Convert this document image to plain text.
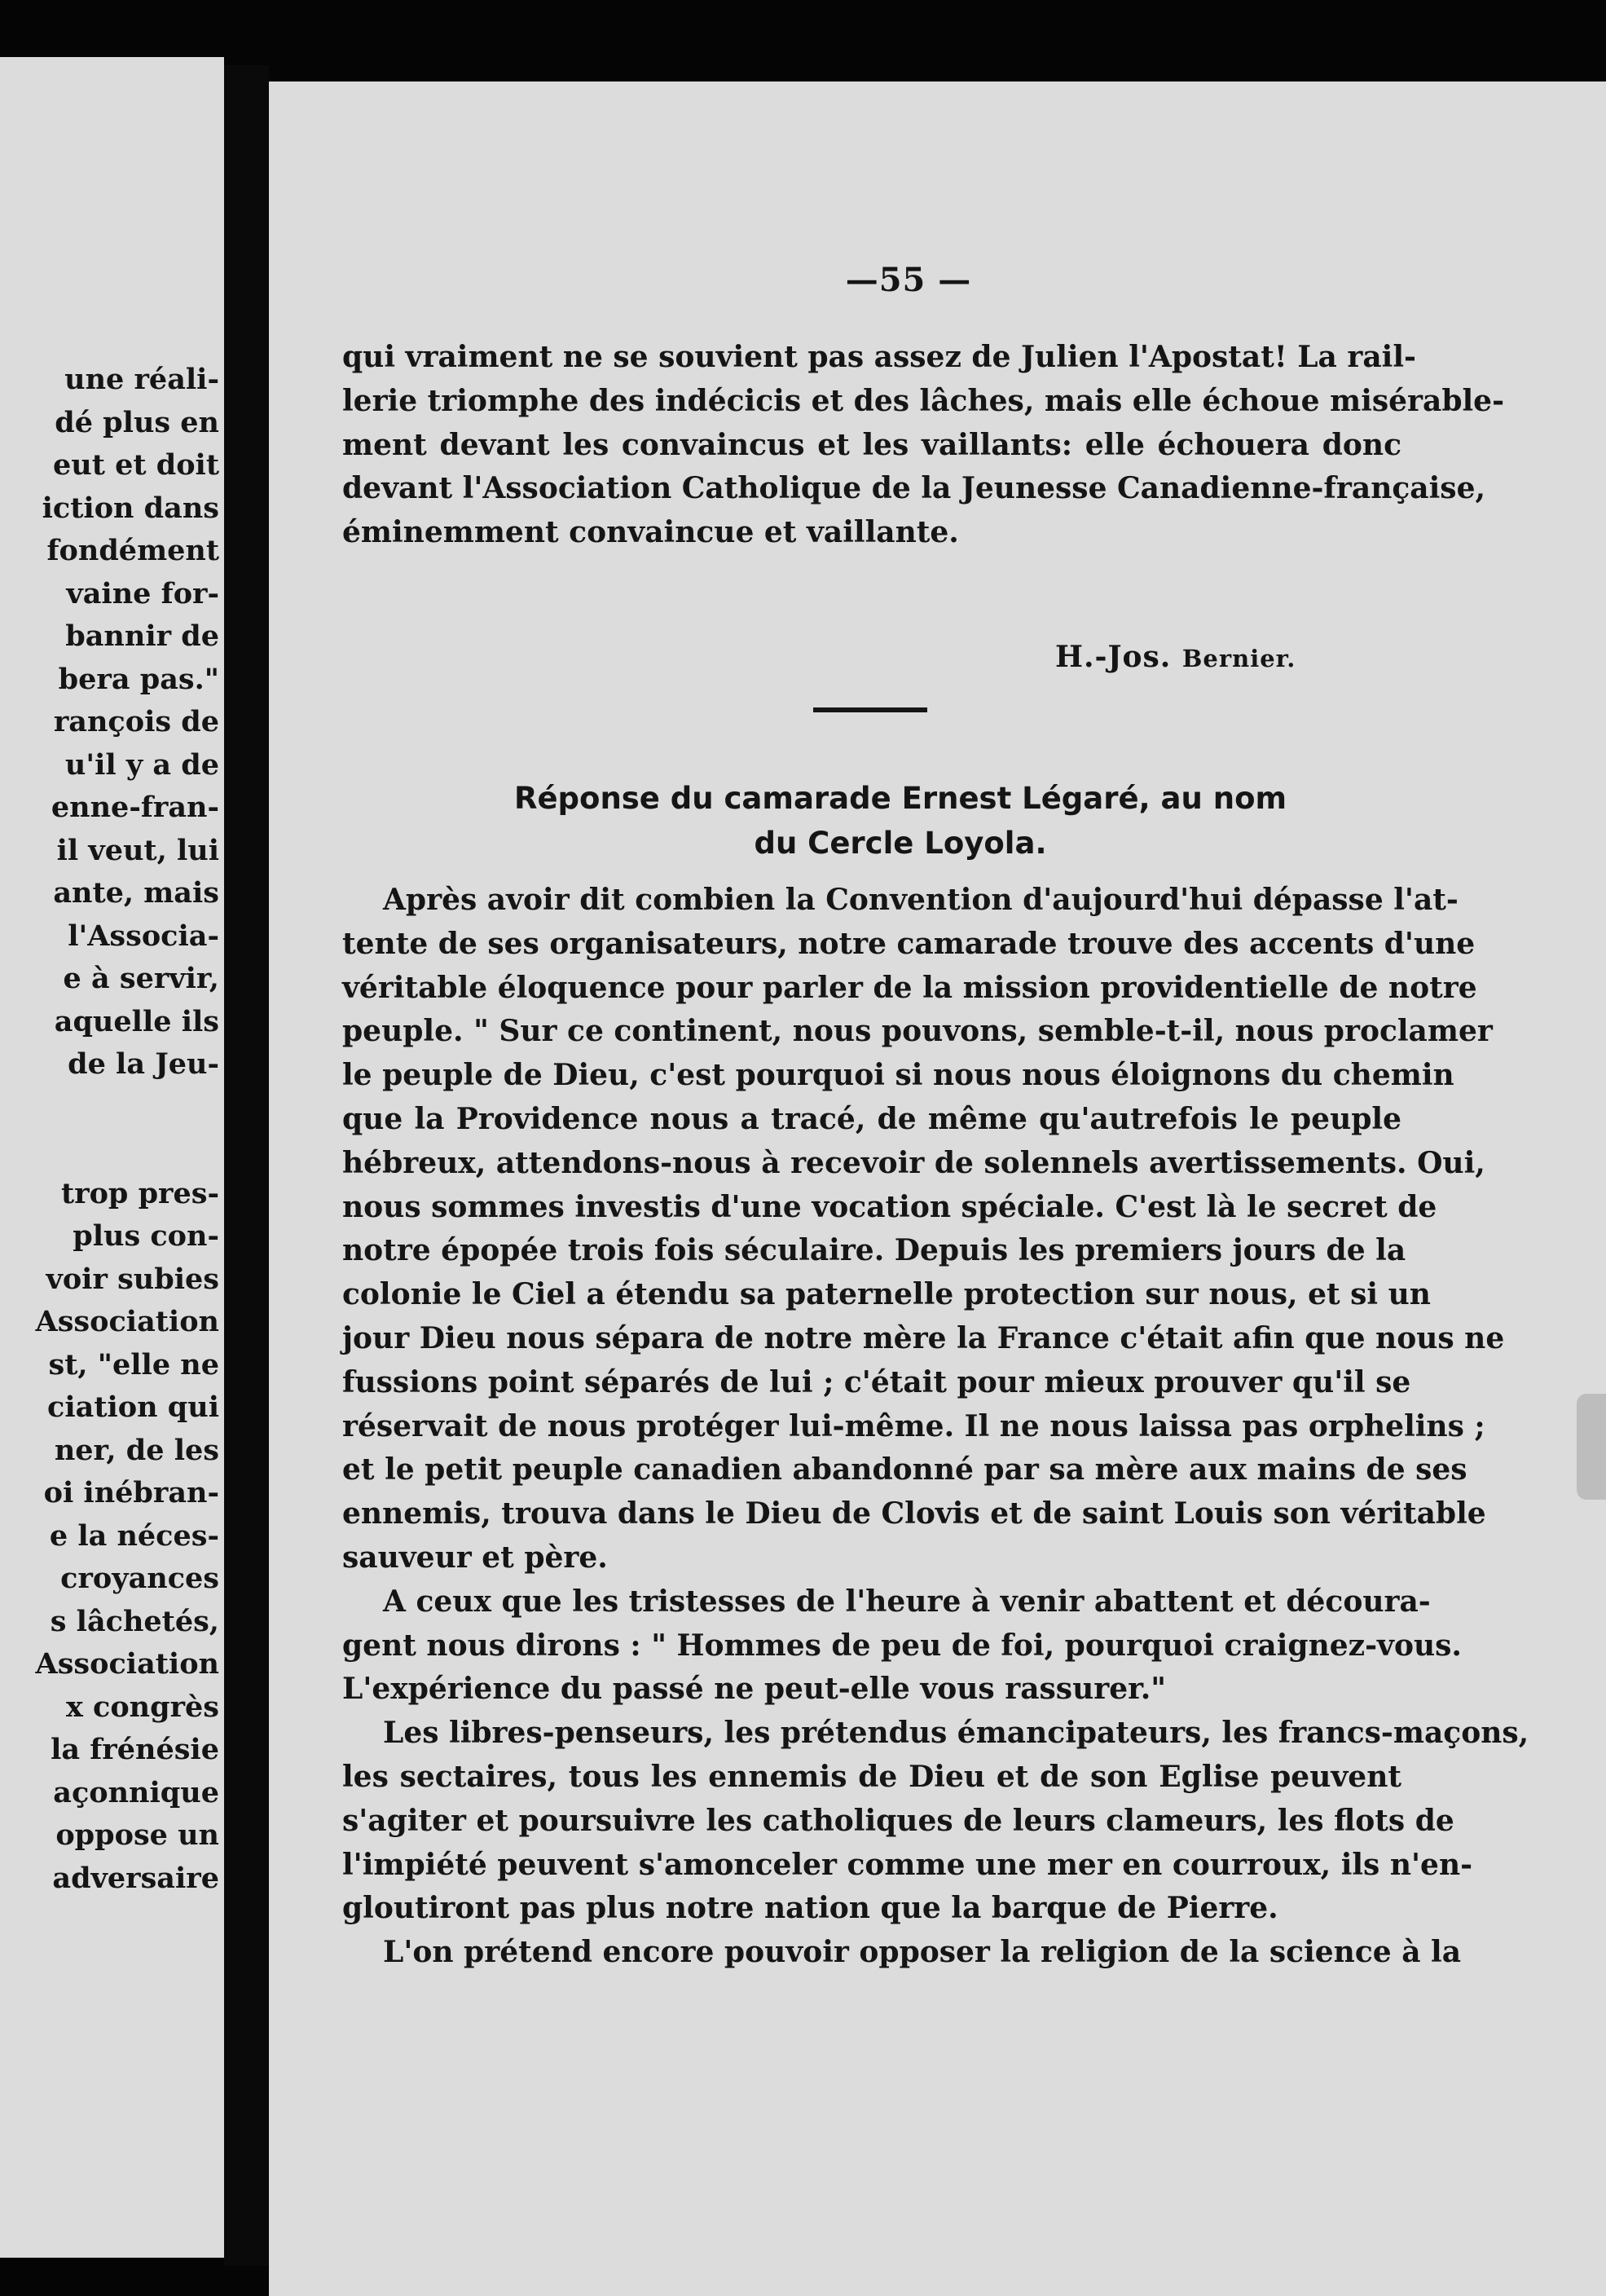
une réali-
dé plus en
eut et doit
iction dans
fondément
vaine for-
bannir de
bera pas."
rançois de
u'il y a de
enne-fran-
il veut, lui
ante, mais
l'Associa-
e à servir,
aquelle ils
de la Jeu-
trop pres-
plus con-
voir subies
Association
st, "elle ne
ciation qui
ner, de les
oi inébran-
e la néces-
croyances
s lâchetés,
Association
x congrès
la frénésie
açonnique
oppose un
adversaire
—55 —
qui vraiment ne se souvient pas assez de Julien l'Apostat! La rail-
lerie triomphe des indécicis et des lâches, mais elle échoue misérable-
ment devant les convaincus et les vaillants: elle échouera donc
devant l'Association Catholique de la Jeunesse Canadienne-française,
éminemment convaincue et vaillante.
H.-Jos. Bernier.
Réponse du camarade Ernest Légaré, au nom
du Cercle Loyola.
Après avoir dit combien la Convention d'aujourd'hui dépasse l'at-
tente de ses organisateurs, notre camarade trouve des accents d'une
véritable éloquence pour parler de la mission providentielle de notre
peuple. " Sur ce continent, nous pouvons, semble-t-il, nous proclamer
le peuple de Dieu, c'est pourquoi si nous nous éloignons du chemin
que la Providence nous a tracé, de même qu'autrefois le peuple
hébreux, attendons-nous à recevoir de solennels avertissements. Oui,
nous sommes investis d'une vocation spéciale. C'est là le secret de
notre épopée trois fois séculaire. Depuis les premiers jours de la
colonie le Ciel a étendu sa paternelle protection sur nous, et si un
jour Dieu nous sépara de notre mère la France c'était afin que nous ne
fussions point séparés de lui ; c'était pour mieux prouver qu'il se
réservait de nous protéger lui-même. Il ne nous laissa pas orphelins ;
et le petit peuple canadien abandonné par sa mère aux mains de ses
ennemis, trouva dans le Dieu de Clovis et de saint Louis son véritable
sauveur et père.
A ceux que les tristesses de l'heure à venir abattent et découra-
gent nous dirons : " Hommes de peu de foi, pourquoi craignez-vous.
L'expérience du passé ne peut-elle vous rassurer."
Les libres-penseurs, les prétendus émancipateurs, les francs-maçons,
les sectaires, tous les ennemis de Dieu et de son Eglise peuvent
s'agiter et poursuivre les catholiques de leurs clameurs, les flots de
l'impiété peuvent s'amonceler comme une mer en courroux, ils n'en-
gloutiront pas plus notre nation que la barque de Pierre.
L'on prétend encore pouvoir opposer la religion de la science à la
